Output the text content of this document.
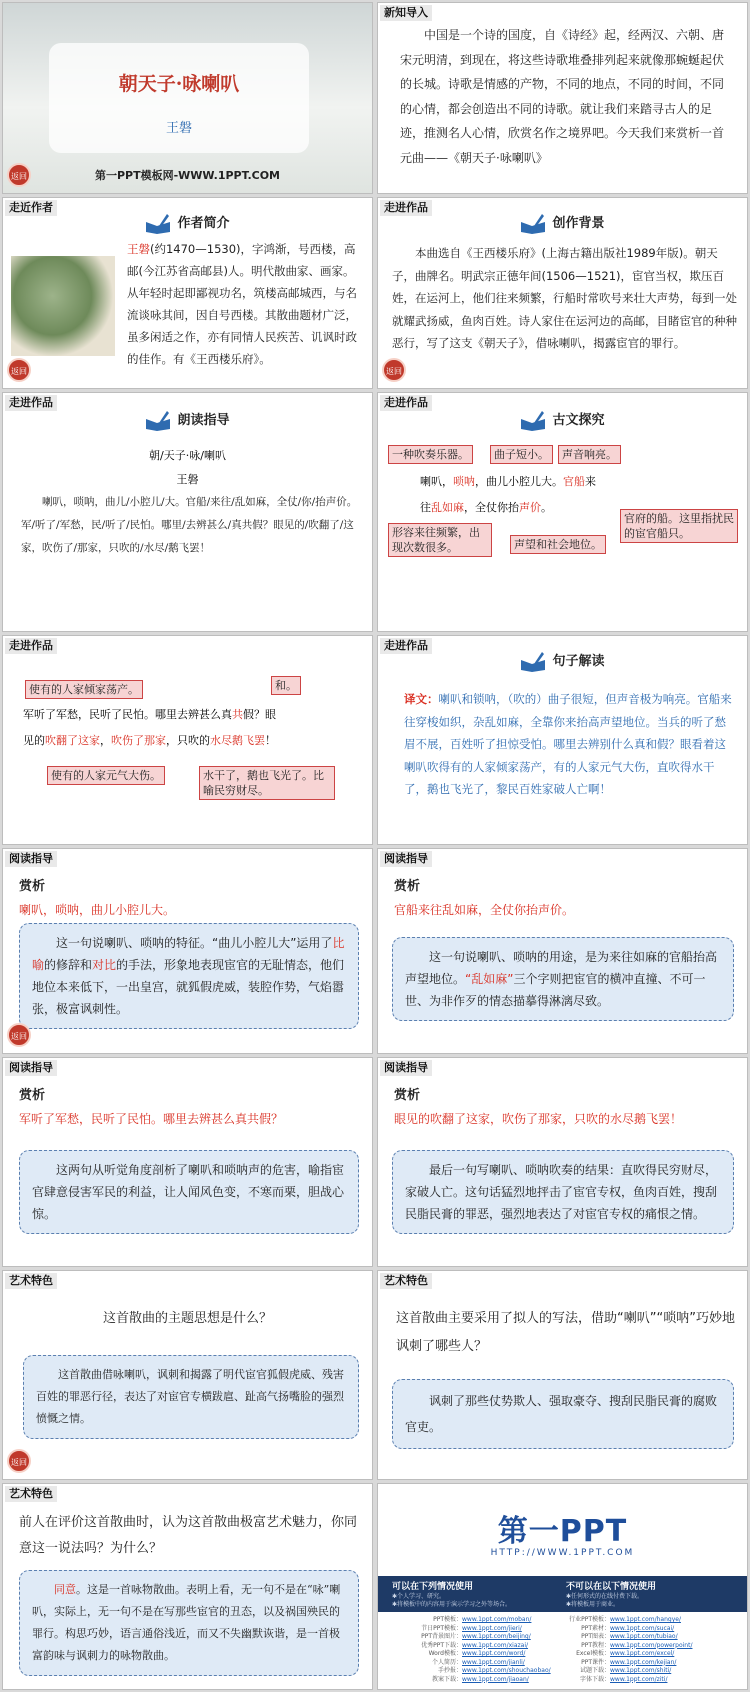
朝天子·咏喇叭
王磐
第一PPT模板网-WWW.1PPT.COM
返回
新知导入
中国是一个诗的国度，自《诗经》起，经两汉、六朝、唐宋元明清，到现在，将这些诗歌堆叠排列起来就像那蜿蜒起伏的长城。诗歌是情感的产物，不同的地点，不同的时间，不同的心情，都会创造出不同的诗歌。就让我们来踏寻古人的足迹，推测名人心情，欣赏名作之境界吧。今天我们来赏析一首元曲——《朝天子·咏喇叭》
走近作者
作者简介
王磐(约1470—1530)，字鸿渐，号西楼，高邮(今江苏省高邮县)人。明代散曲家、画家。从年轻时起即鄙视功名，筑楼高邮城西，与名流谈咏其间，因自号西楼。其散曲题材广泛，虽多闲适之作，亦有同情人民疾苦、讥讽时政的佳作。有《王西楼乐府》。
返回
走进作品
创作背景
本曲选自《王西楼乐府》(上海古籍出版社1989年版)。朝天子，曲牌名。明武宗正德年间(1506—1521)，宦官当权，欺压百姓，在运河上，他们往来频繁，行船时常吹号来壮大声势，每到一处就耀武扬威，鱼肉百姓。诗人家住在运河边的高邮，目睹宦官的种种恶行，写了这支《朝天子》，借咏喇叭，揭露宦官的罪行。
返回
走进作品
朗读指导
朝/天子·咏/喇叭
王磐
喇叭，唢呐，曲儿/小腔儿/大。官船/来往/乱如麻，全仗/你/抬声价。军/听了/军愁，民/听了/民怕。哪里/去辨甚么/真共假？眼见的/吹翻了/这家，吹伤了/那家，只吹的/水尽/鹅飞罢！
走进作品
古文探究
一种吹奏乐器。	曲子短小。	声音响亮。
喇叭，唢呐，曲儿小腔儿大。官船来
往乱如麻，全仗你抬声价。
形容来往频繁，出现次数很多。	声望和社会地位。
官府的船。这里指扰民的宦官船只。
走进作品
使有的人家倾家荡产。	和。
军听了军愁，民听了民怕。哪里去辨甚么真共假？眼
见的吹翻了这家，吹伤了那家，只吹的水尽鹅飞罢！
使有的人家元气大伤。	水干了，鹅也飞光了。比喻民穷财尽。
走进作品
句子解读
译文：喇叭和锁呐，（吹的）曲子很短，但声音极为响亮。官船来往穿梭如织，杂乱如麻，全靠你来抬高声望地位。当兵的听了愁眉不展，百姓听了担惊受怕。哪里去辨别什么真和假？眼看着这喇叭吹得有的人家倾家荡产，有的人家元气大伤，直吹得水干了，鹅也飞光了，黎民百姓家破人亡啊！
阅读指导
赏析
喇叭，唢呐，曲儿小腔儿大。
这一句说喇叭、唢呐的特征。“曲儿小腔儿大”运用了比喻的修辞和对比的手法，形象地表现宦官的无耻情态，他们地位本来低下，一出皇宫，就狐假虎威，装腔作势，气焰嚣张，极富讽刺性。
返回
阅读指导
赏析
官船来往乱如麻，全仗你抬声价。
这一句说喇叭、唢呐的用途，是为来往如麻的官船抬高声望地位。“乱如麻”三个字则把宦官的横冲直撞、不可一世、为非作歹的情态描摹得淋漓尽致。
阅读指导
赏析
军听了军愁，民听了民怕。哪里去辨甚么真共假？
这两句从听觉角度剖析了喇叭和唢呐声的危害，喻指宦官肆意侵害军民的利益，让人闻风色变，不寒而栗，胆战心惊。
阅读指导
赏析
眼见的吹翻了这家，吹伤了那家，只吹的水尽鹅飞罢！
最后一句写喇叭、唢呐吹奏的结果：直吹得民穷财尽，家破人亡。这句话猛烈地抨击了宦官专权，鱼肉百姓，搜刮民脂民膏的罪恶，强烈地表达了对宦官专权的痛恨之情。
艺术特色
这首散曲的主题思想是什么？
这首散曲借咏喇叭，讽刺和揭露了明代宦官狐假虎威、残害百姓的罪恶行径，表达了对宦官专横跋扈、趾高气扬嘴脸的强烈愤慨之情。
返回
艺术特色
这首散曲主要采用了拟人的写法，借助“喇叭”“唢呐”巧妙地讽刺了哪些人？
讽刺了那些仗势欺人、强取豪夺、搜刮民脂民膏的腐败官吏。
艺术特色
前人在评价这首散曲时，认为这首散曲极富艺术魅力，你同意这一说法吗？为什么？
同意。这是一首咏物散曲。表明上看，无一句不是在“咏”喇叭，实际上，无一句不是在写那些宦官的丑态，以及祸国殃民的罪行。构思巧妙，语言通俗浅近，而又不失幽默诙谐，是一首极富韵味与讽刺力的咏物散曲。
第一PPT
HTTP://WWW.1PPT.COM
可以在下列情况使用
✱个人学习、研究。
✱将模板中的内容用于演示学习之外等场合。
不可以在以下情况使用
✱任何形式的在线付费下载。
✱将模板用于商业。
PPT模板：www.1ppt.com/moban/
节日PPT模板：www.1ppt.com/jieri/
PPT背景图片：www.1ppt.com/beijing/
优秀PPT下载：www.1ppt.com/xiazai/
Word模板：www.1ppt.com/word/
个人简历：www.1ppt.com/jianli/
手抄报：www.1ppt.com/shouchaobao/
教案下载：www.1ppt.com/jiaoan/
行业PPT模板：www.1ppt.com/hangye/
PPT素材：www.1ppt.com/sucai/
PPT图表：www.1ppt.com/tubiao/
PPT教程：www.1ppt.com/powerpoint/
Excel模板：www.1ppt.com/excel/
PPT课件：www.1ppt.com/kejian/
试题下载：www.1ppt.com/shiti/
字体下载：www.1ppt.com/ziti/
